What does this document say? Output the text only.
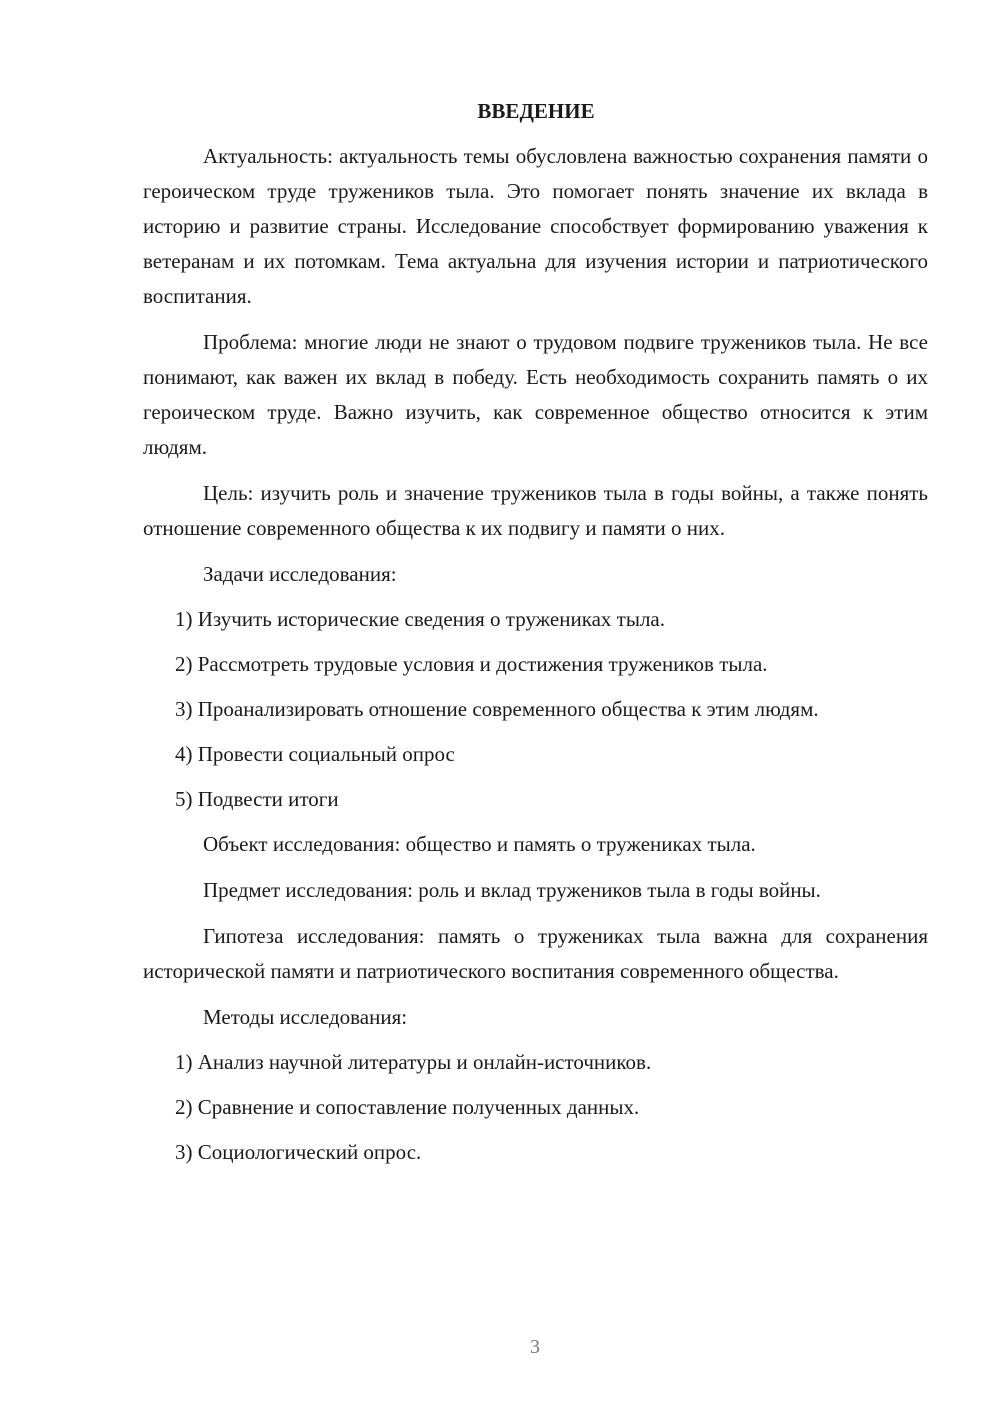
ВВЕДЕНИЕ
Актуальность: актуальность темы обусловлена важностью сохранения памяти о героическом труде тружеников тыла. Это помогает понять значение их вклада в историю и развитие страны. Исследование способствует формированию уважения к ветеранам и их потомкам. Тема актуальна для изучения истории и патриотического воспитания.
Проблема: многие люди не знают о трудовом подвиге тружеников тыла. Не все понимают, как важен их вклад в победу. Есть необходимость сохранить память о их героическом труде. Важно изучить, как современное общество относится к этим людям.
Цель: изучить роль и значение тружеников тыла в годы войны, а также понять отношение современного общества к их подвигу и памяти о них.
Задачи исследования:
1) Изучить исторические сведения о тружениках тыла.
2) Рассмотреть трудовые условия и достижения тружеников тыла.
3) Проанализировать отношение современного общества к этим людям.
4) Провести социальный опрос
5) Подвести итоги
Объект исследования: общество и память о тружениках тыла.
Предмет исследования: роль и вклад тружеников тыла в годы войны.
Гипотеза исследования: память о тружениках тыла важна для сохранения исторической памяти и патриотического воспитания современного общества.
Методы исследования:
1) Анализ научной литературы и онлайн-источников.
2) Сравнение и сопоставление полученных данных.
3) Социологический опрос.
3
